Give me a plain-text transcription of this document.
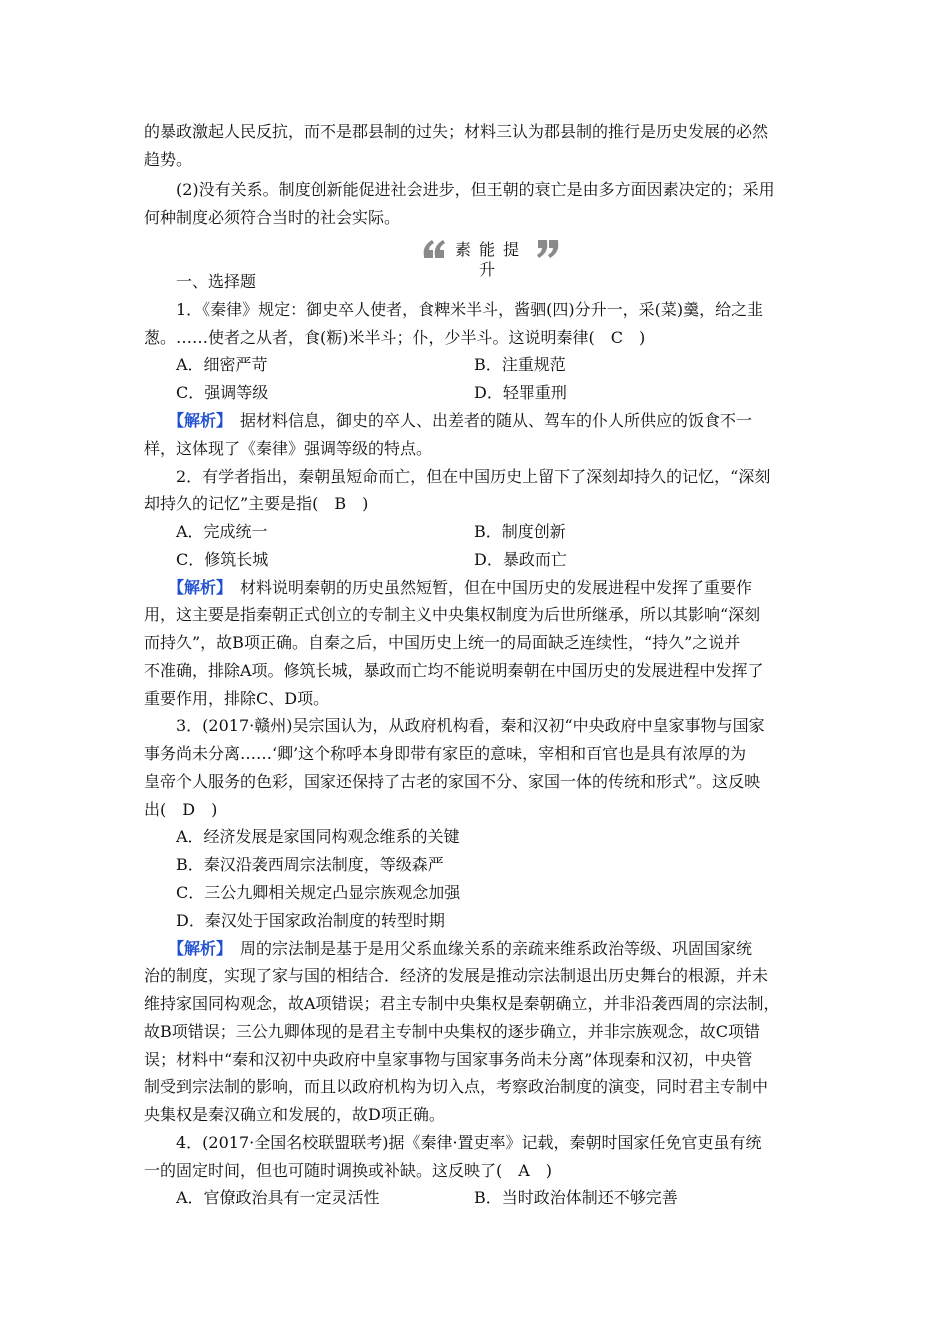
的暴政激起人民反抗，而不是郡县制的过失；材料三认为郡县制的推行是历史发展的必然
趋势。
(2)没有关系。制度创新能促进社会进步，但王朝的衰亡是由多方面因素决定的；采用
何种制度必须符合当时的社会实际。
素能提升
一、选择题
1．《秦律》规定：御史卒人使者，食粺米半斗，酱驷(四)分升一，采(菜)羹，给之韭
葱。……使者之从者，食(粝)米半斗；仆，少半斗。这说明秦律(　C　)
A．细密严苛	B．注重规范
C．强调等级	D．轻罪重刑
【解析】　据材料信息，御史的卒人、出差者的随从、驾车的仆人所供应的饭食不一
样，这体现了《秦律》强调等级的特点。
2．有学者指出，秦朝虽短命而亡，但在中国历史上留下了深刻却持久的记忆，“深刻
却持久的记忆”主要是指(　B　)
A．完成统一	B．制度创新
C．修筑长城	D．暴政而亡
【解析】　材料说明秦朝的历史虽然短暂，但在中国历史的发展进程中发挥了重要作
用，这主要是指秦朝正式创立的专制主义中央集权制度为后世所继承，所以其影响“深刻
而持久”，故B项正确。自秦之后，中国历史上统一的局面缺乏连续性，“持久”之说并
不准确，排除A项。修筑长城，暴政而亡均不能说明秦朝在中国历史的发展进程中发挥了
重要作用，排除C、D项。
3．(2017·赣州)吴宗国认为，从政府机构看，秦和汉初“中央政府中皇家事物与国家
事务尚未分离……‘卿’这个称呼本身即带有家臣的意味，宰相和百官也是具有浓厚的为
皇帝个人服务的色彩，国家还保持了古老的家国不分、家国一体的传统和形式”。这反映
出(　D　)
A．经济发展是家国同构观念维系的关键
B．秦汉沿袭西周宗法制度，等级森严
C．三公九卿相关规定凸显宗族观念加强
D．秦汉处于国家政治制度的转型时期
【解析】　周的宗法制是基于是用父系血缘关系的亲疏来维系政治等级、巩固国家统
治的制度，实现了家与国的相结合．经济的发展是推动宗法制退出历史舞台的根源，并未
维持家国同构观念，故A项错误；君主专制中央集权是秦朝确立，并非沿袭西周的宗法制，
故B项错误；三公九卿体现的是君主专制中央集权的逐步确立，并非宗族观念，故C项错
误；材料中“秦和汉初中央政府中皇家事物与国家事务尚未分离”体现秦和汉初，中央管
制受到宗法制的影响，而且以政府机构为切入点，考察政治制度的演变，同时君主专制中
央集权是秦汉确立和发展的，故D项正确。
4．(2017·全国名校联盟联考)据《秦律·置吏率》记载，秦朝时国家任免官吏虽有统
一的固定时间，但也可随时调换或补缺。这反映了(　A　)
A．官僚政治具有一定灵活性	B．当时政治体制还不够完善
